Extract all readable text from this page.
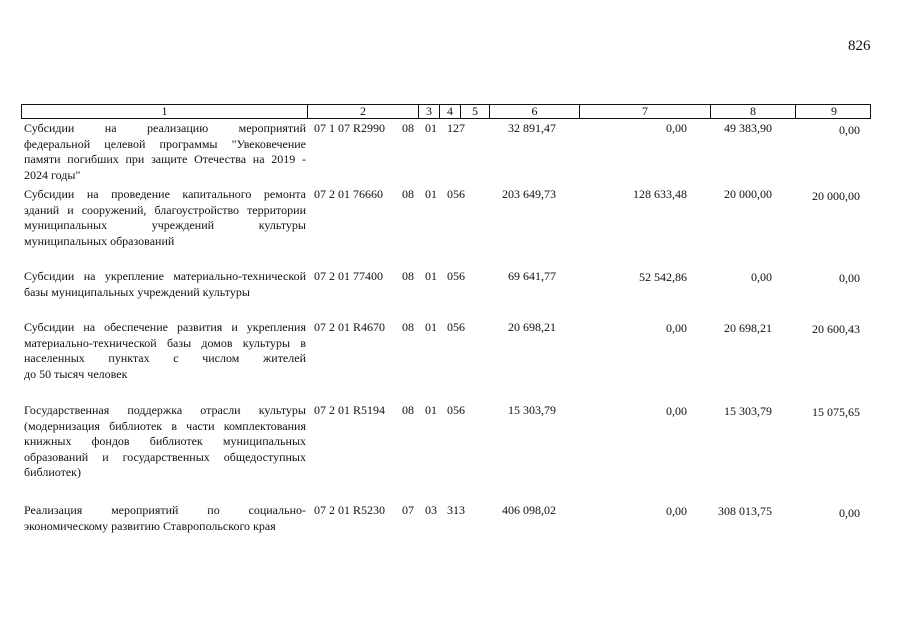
826
1	2	3	4	5	6	7	8	9
Субсидии на реализацию мероприятий
федеральной целевой программы "Увековечение
памяти погибших при защите Отечества на 2019 -
2024 годы"
07 1 07 R2990 08 01 127	32 891,47	0,00	49 383,90	0,00
Субсидии на проведение капитального ремонта
зданий и сооружений, благоустройство территории
муниципальных учреждений культуры
муниципальных образований
07 2 01 76660 08 01 056	203 649,73	128 633,48	20 000,00	20 000,00
Субсидии на укрепление материально-технической
базы муниципальных учреждений культуры
07 2 01 77400 08 01 056	69 641,77	52 542,86	0,00	0,00
Субсидии на обеспечение развития и укрепления
материально-технической базы домов культуры в
населенных пунктах с числом жителей
до 50 тысяч человек
07 2 01 R4670 08 01 056	20 698,21	0,00	20 698,21	20 600,43
Государственная поддержка отрасли культуры
(модернизация библиотек в части комплектования
книжных фондов библиотек муниципальных
образований и государственных общедоступных
библиотек)
07 2 01 R5194 08 01 056	15 303,79	0,00	15 303,79	15 075,65
Реализация мероприятий по социально-
экономическому развитию Ставропольского края
07 2 01 R5230 07 03 313	406 098,02	0,00	308 013,75	0,00
